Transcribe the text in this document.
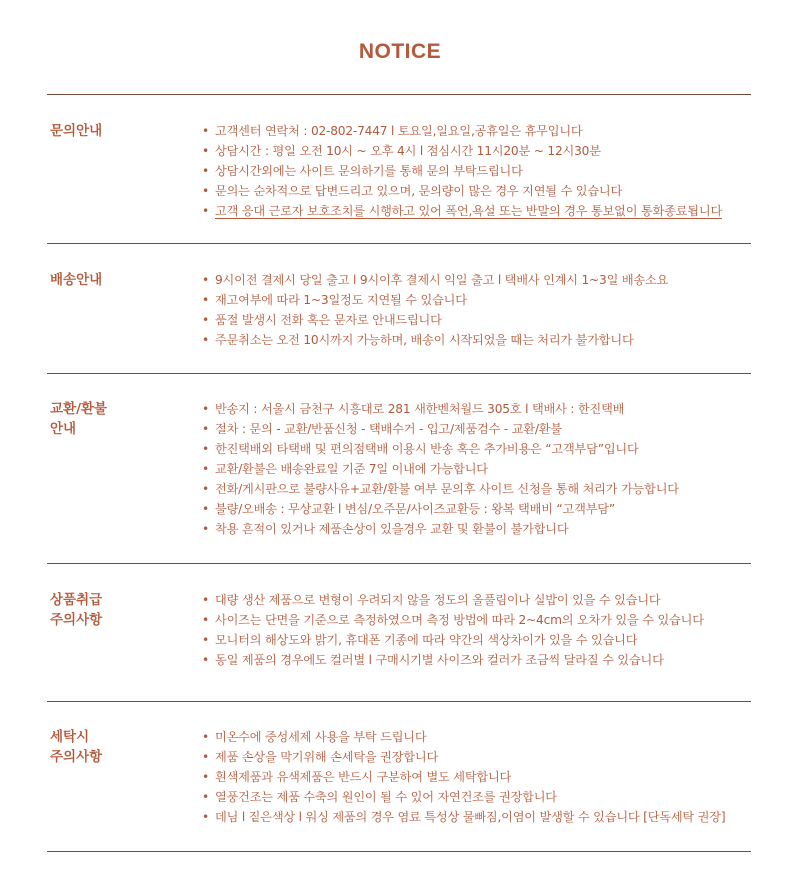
NOTICE
문의안내	• 고객센터 연락처 : 02-802-7447 l 토요일,일요일,공휴일은 휴무입니다
• 상담시간 : 평일 오전 10시 ~ 오후 4시 l 점심시간 11시20분 ~ 12시30분
• 상담시간외에는 사이트 문의하기를 통해 문의 부탁드립니다
• 문의는 순차적으로 답변드리고 있으며, 문의량이 많은 경우 지연될 수 있습니다
• 고객 응대 근로자 보호조치를 시행하고 있어 폭언,욕설 또는 반말의 경우 통보없이 통화종료됩니다
배송안내	• 9시이전 결제시 당일 출고 l 9시이후 결제시 익일 출고 l 택배사 인계시 1~3일 배송소요
• 재고여부에 따라 1~3일정도 지연될 수 있습니다
• 품절 발생시 전화 혹은 문자로 안내드립니다
• 주문취소는 오전 10시까지 가능하며, 배송이 시작되었을 때는 처리가 불가합니다
교환/환불
안내
• 반송지 : 서울시 금천구 시흥대로 281 새한벤처월드 305호 l 택배사 : 한진택배
• 절차 : 문의 - 교환/반품신청 - 택배수거 - 입고/제품검수 - 교환/환불
• 한진택배외 타택배 및 편의점택배 이용시 반송 혹은 추가비용은 “고객부담”입니다
• 교환/환불은 배송완료일 기준 7일 이내에 가능합니다
• 전화/게시판으로 불량사유+교환/환불 여부 문의후 사이트 신청을 통해 처리가 가능합니다
• 불량/오배송 : 무상교환 l 변심/오주문/사이즈교환등 : 왕복 택배비 “고객부담”
• 착용 흔적이 있거나 제품손상이 있을경우 교환 및 환불이 불가합니다
상품취급
주의사항
• 대량 생산 제품으로 변형이 우려되지 않을 정도의 올풀림이나 실밥이 있을 수 있습니다
• 사이즈는 단면을 기준으로 측정하였으며 측정 방법에 따라 2~4cm의 오차가 있을 수 있습니다
• 모니터의 해상도와 밝기, 휴대폰 기종에 따라 약간의 색상차이가 있을 수 있습니다
• 동일 제품의 경우에도 컬러별 l 구매시기별 사이즈와 컬러가 조금씩 달라질 수 있습니다
세탁시
주의사항
• 미온수에 중성세제 사용을 부탁 드립니다
• 제품 손상을 막기위해 손세탁을 권장합니다
• 흰색제품과 유색제품은 반드시 구분하여 별도 세탁합니다
• 열풍건조는 제품 수축의 원인이 될 수 있어 자연건조를 권장합니다
• 데님 l 짙은색상 l 워싱 제품의 경우 염료 특성상 물빠짐,이염이 발생할 수 있습니다 [단독세탁 권장]
